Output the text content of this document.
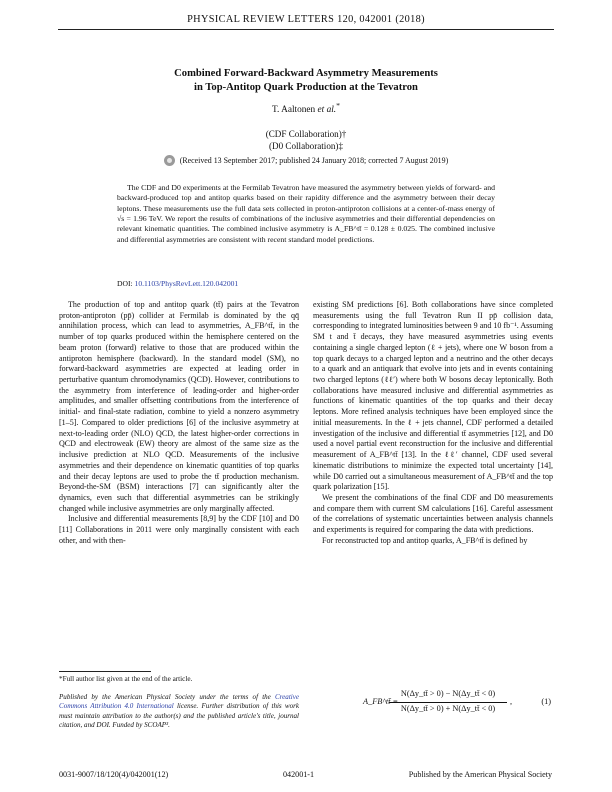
PHYSICAL REVIEW LETTERS 120, 042001 (2018)
Combined Forward-Backward Asymmetry Measurements
in Top-Antitop Quark Production at the Tevatron
T. Aaltonen et al.*
(CDF Collaboration)†
(D0 Collaboration)‡
(Received 13 September 2017; published 24 January 2018; corrected 7 August 2019)
The CDF and D0 experiments at the Fermilab Tevatron have measured the asymmetry between yields of forward- and backward-produced top and antitop quarks based on their rapidity difference and the asymmetry between their decay leptons. These measurements use the full data sets collected in proton-antiproton collisions at a center-of-mass energy of √s = 1.96 TeV. We report the results of combinations of the inclusive asymmetries and their differential dependencies on relevant kinematic quantities. The combined inclusive asymmetry is A_FB^tt̄ = 0.128 ± 0.025. The combined inclusive and differential asymmetries are consistent with recent standard model predictions.
DOI: 10.1103/PhysRevLett.120.042001

The production of top and antitop quark (tt̄) pairs at the Tevatron proton-antiproton (pp̄) collider at Fermilab is dominated by the qq̄ annihilation process, which can lead to asymmetries, A_FB^tt̄, in the number of top quarks produced within the hemisphere centered on the beam proton (forward) relative to those that are produced within the antiproton hemisphere (backward). In the standard model (SM), no forward-backward asymmetries are expected at leading order in perturbative quantum chromodynamics (QCD). However, contributions to the asymmetry from interference of leading-order and higher-order amplitudes, and smaller offsetting contributions from the interference of initial- and final-state radiation, combine to yield a nonzero asymmetry [1–5]. Compared to older predictions [6] of the inclusive asymmetry at next-to-leading order (NLO) QCD, the latest higher-order corrections in QCD and electroweak (EW) theory are almost of the same size as the inclusive prediction at NLO QCD. Measurements of the inclusive asymmetries and their dependence on kinematic quantities of top quarks and their decay leptons are used to probe the tt̄ production mechanism. Beyond-the-SM (BSM) interactions [7] can significantly alter the dynamics, even such that differential asymmetries can be strikingly changed while inclusive asymmetries are only marginally affected.

Inclusive and differential measurements [8,9] by the CDF [10] and D0 [11] Collaborations in 2011 were only marginally consistent with each other, and with then-

existing SM predictions [6]. Both collaborations have since completed measurements using the full Tevatron Run II pp̄ collision data, corresponding to integrated luminosities between 9 and 10 fb⁻¹. Assuming SM t and t̄ decays, they have measured asymmetries using events containing a single charged lepton (ℓ + jets), where one W boson from a top quark decays to a charged lepton and a neutrino and the other decays to a quark and an antiquark that evolve into jets and in events containing two charged leptons (ℓℓ′) where both W bosons decay leptonically. Both collaborations have measured inclusive and differential asymmetries as functions of kinematic quantities of the top quarks and their decay leptons. More refined analysis techniques have been employed since the initial measurements. In the ℓ + jets channel, CDF performed a detailed investigation of the inclusive and differential tt̄ asymmetries [12], and D0 used a novel partial event reconstruction for the inclusive and differential measurement of A_FB^tt̄ [13]. In the ℓℓ′ channel, CDF used several kinematic distributions to minimize the expected total uncertainty [14], while D0 carried out a simultaneous measurement of A_FB^tt̄ and the top quark polarization [15].

We present the combinations of the final CDF and D0 measurements and compare them with current SM calculations [16]. Careful assessment of the correlations of systematic uncertainties between analysis channels and experiments is required for comparing the data with predictions.

For reconstructed top and antitop quarks, A_FB^tt̄ is defined by

A_FB^tt̄ =
N(Δy_tt̄ > 0) − N(Δy_tt̄ < 0)
N(Δy_tt̄ > 0) + N(Δy_tt̄ < 0)
,	(1)
*Full author list given at the end of the article.
Published by the American Physical Society under the terms of the Creative Commons Attribution 4.0 International license. Further distribution of this work must maintain attribution to the author(s) and the published article's title, journal citation, and DOI. Funded by SCOAP³.
0031-9007/18/120(4)/042001(12)	042001-1	Published by the American Physical Society
